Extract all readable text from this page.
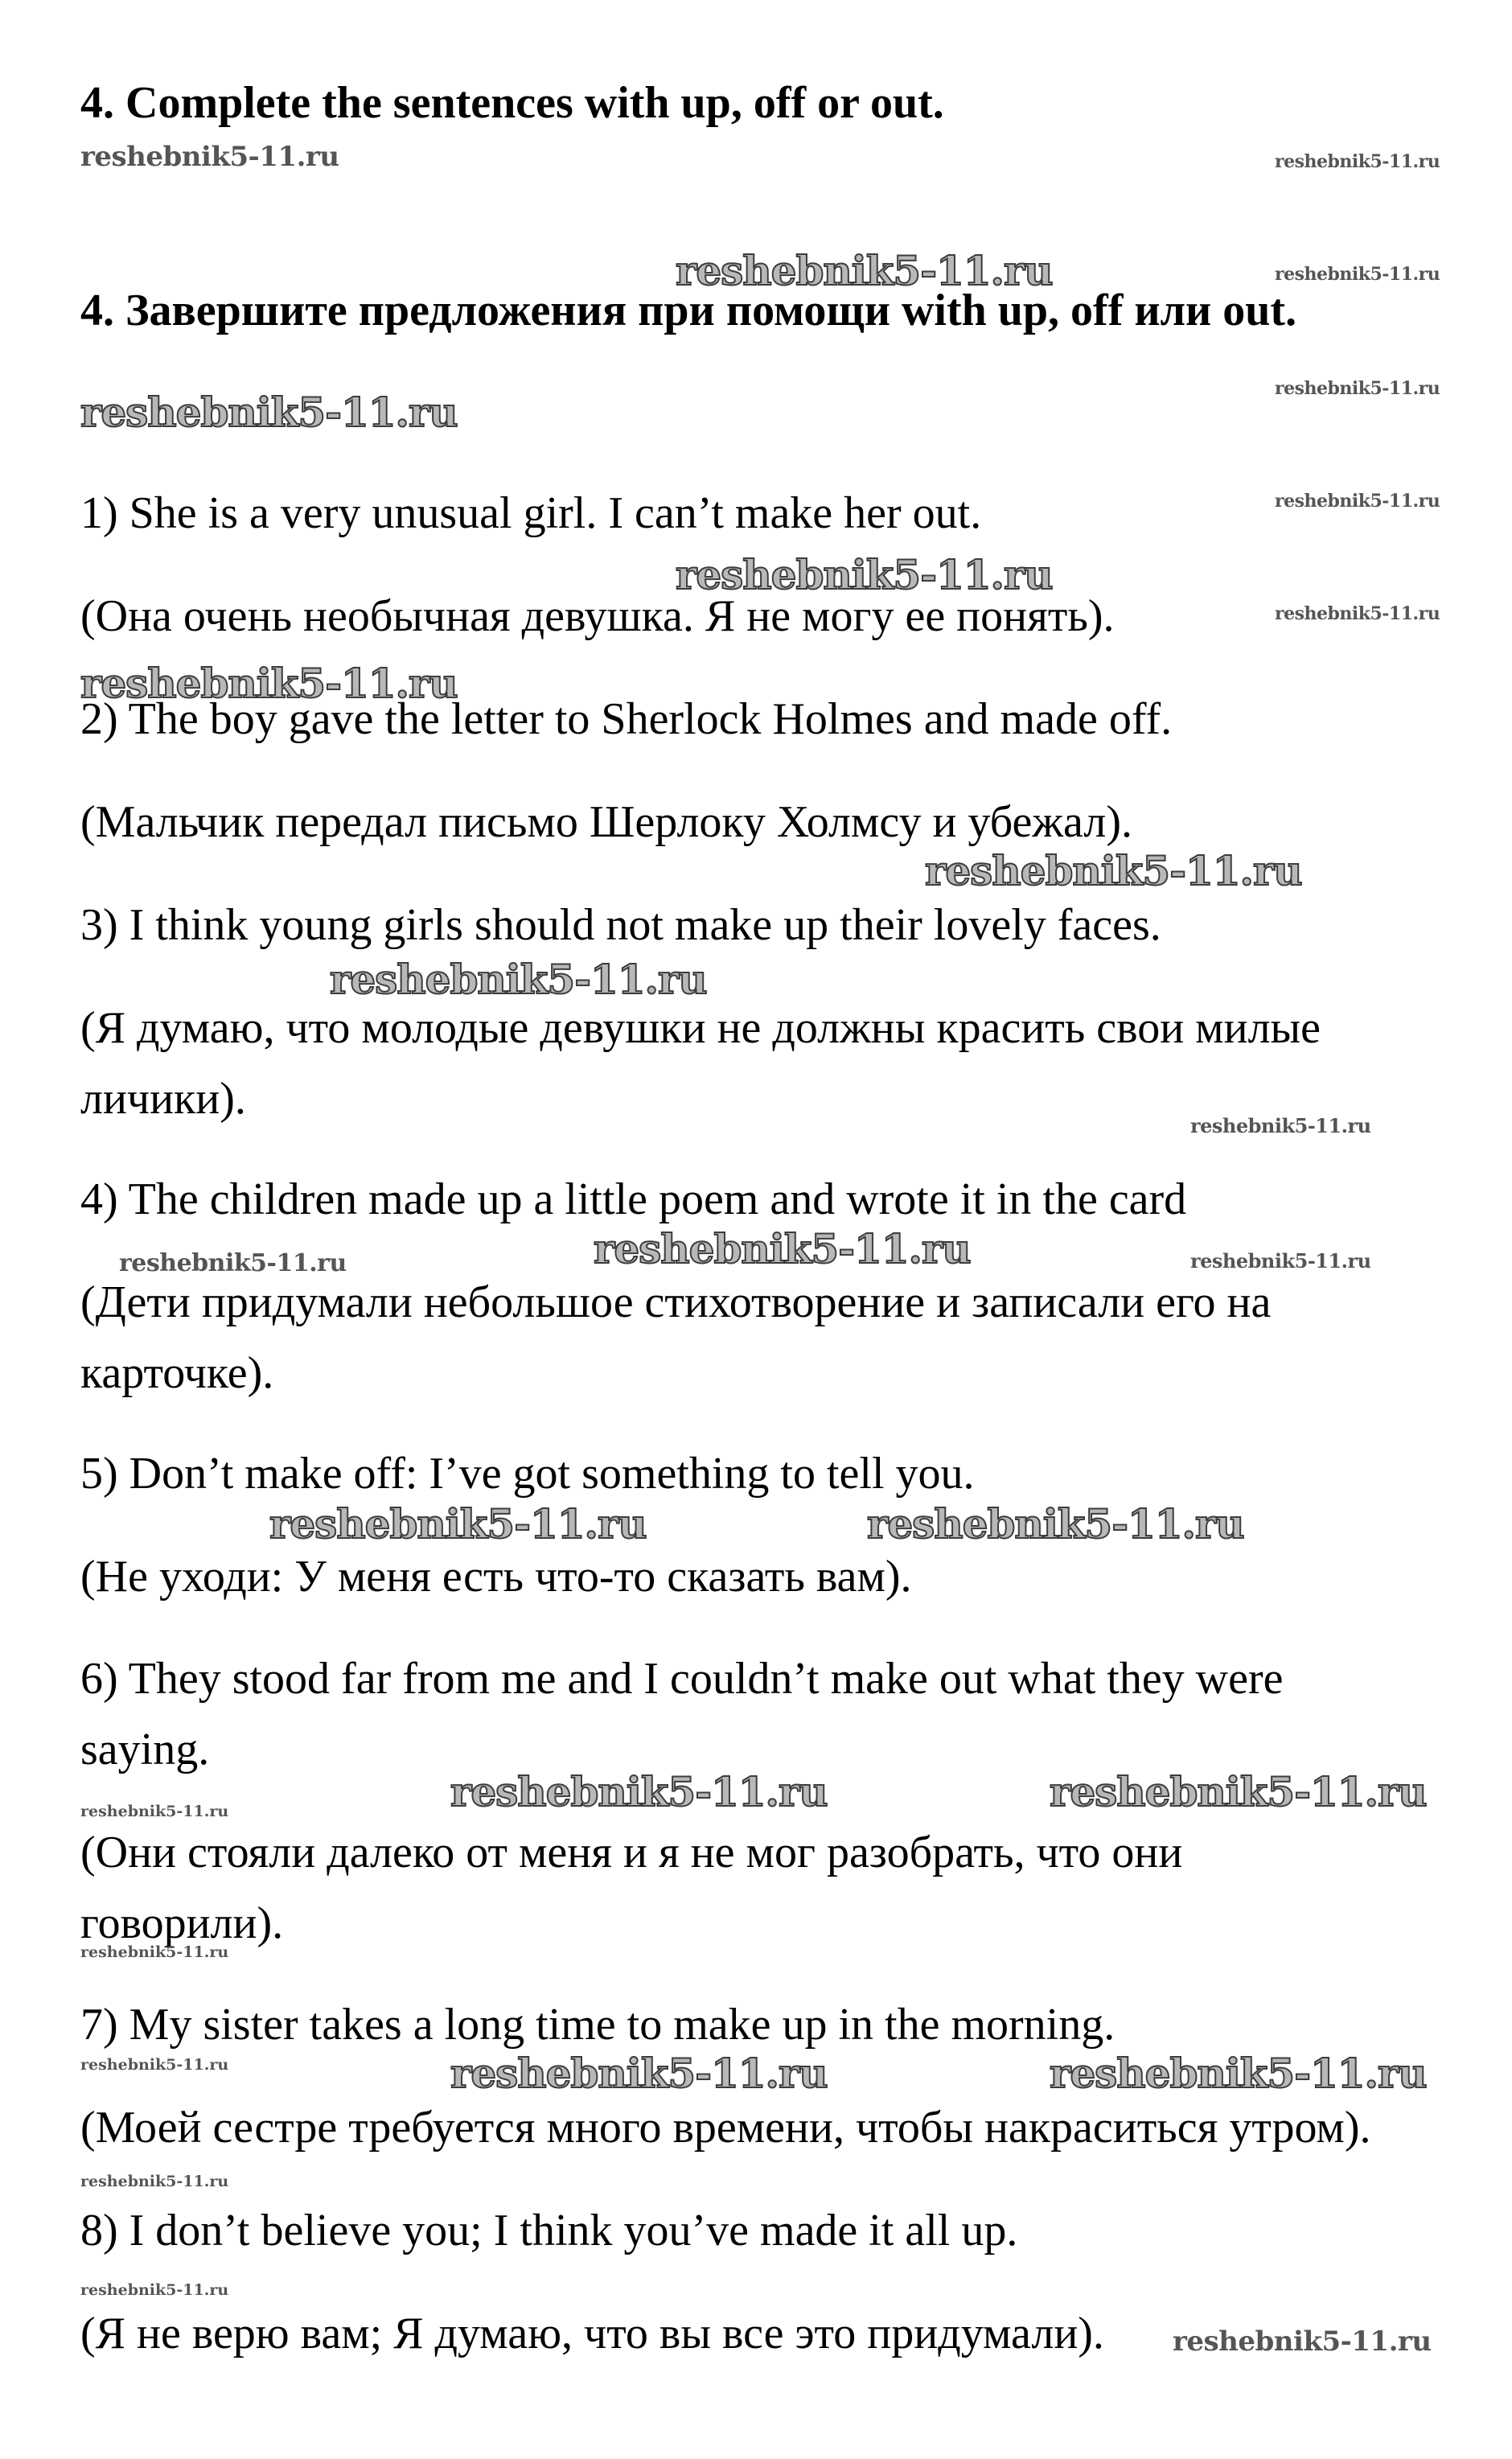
4. Complete the sentences with up, off or out.
4. Завершите предложения при помощи with up, off или out.
1) She is a very unusual girl. I can’t make her out.
(Она очень необычная девушка. Я не могу ее понять).
2) The boy gave the letter to Sherlock Holmes and made off.
(Мальчик передал письмо Шерлоку Холмсу и убежал).
3) I think young girls should not make up their lovely faces.
(Я думаю, что молодые девушки не должны красить свои милые
личики).
4) The children made up a little poem and wrote it in the card
(Дети придумали небольшое стихотворение и записали его на
карточке).
5) Don’t make off: I’ve got something to tell you.
(Не уходи: У меня есть что-то сказать вам).
6) They stood far from me and I couldn’t make out what they were
saying.
(Они стояли далеко от меня и я не мог разобрать, что они
говорили).
7) My sister takes a long time to make up in the morning.
(Моей сестре требуется много времени, чтобы накраситься утром).
8) I don’t believe you; I think you’ve made it all up.
(Я не верю вам; Я думаю, что вы все это придумали).
reshebnik5-11.ru
reshebnik5-11.ru
reshebnik5-11.ru
reshebnik5-11.ru
reshebnik5-11.ru
reshebnik5-11.ru
reshebnik5-11.ru
reshebnik5-11.ru	reshebnik5-11.ru
reshebnik5-11.ru	reshebnik5-11.ru
reshebnik5-11.ru	reshebnik5-11.ru
reshebnik5-11.ru
reshebnik5-11.ru
reshebnik5-11.ru
reshebnik5-11.ru
reshebnik5-11.ru
reshebnik5-11.ru
reshebnik5-11.ru
reshebnik5-11.ru
reshebnik5-11.ru
reshebnik5-11.ru
reshebnik5-11.ru
reshebnik5-11.ru
reshebnik5-11.ru
reshebnik5-11.ru
reshebnik5-11.ru
